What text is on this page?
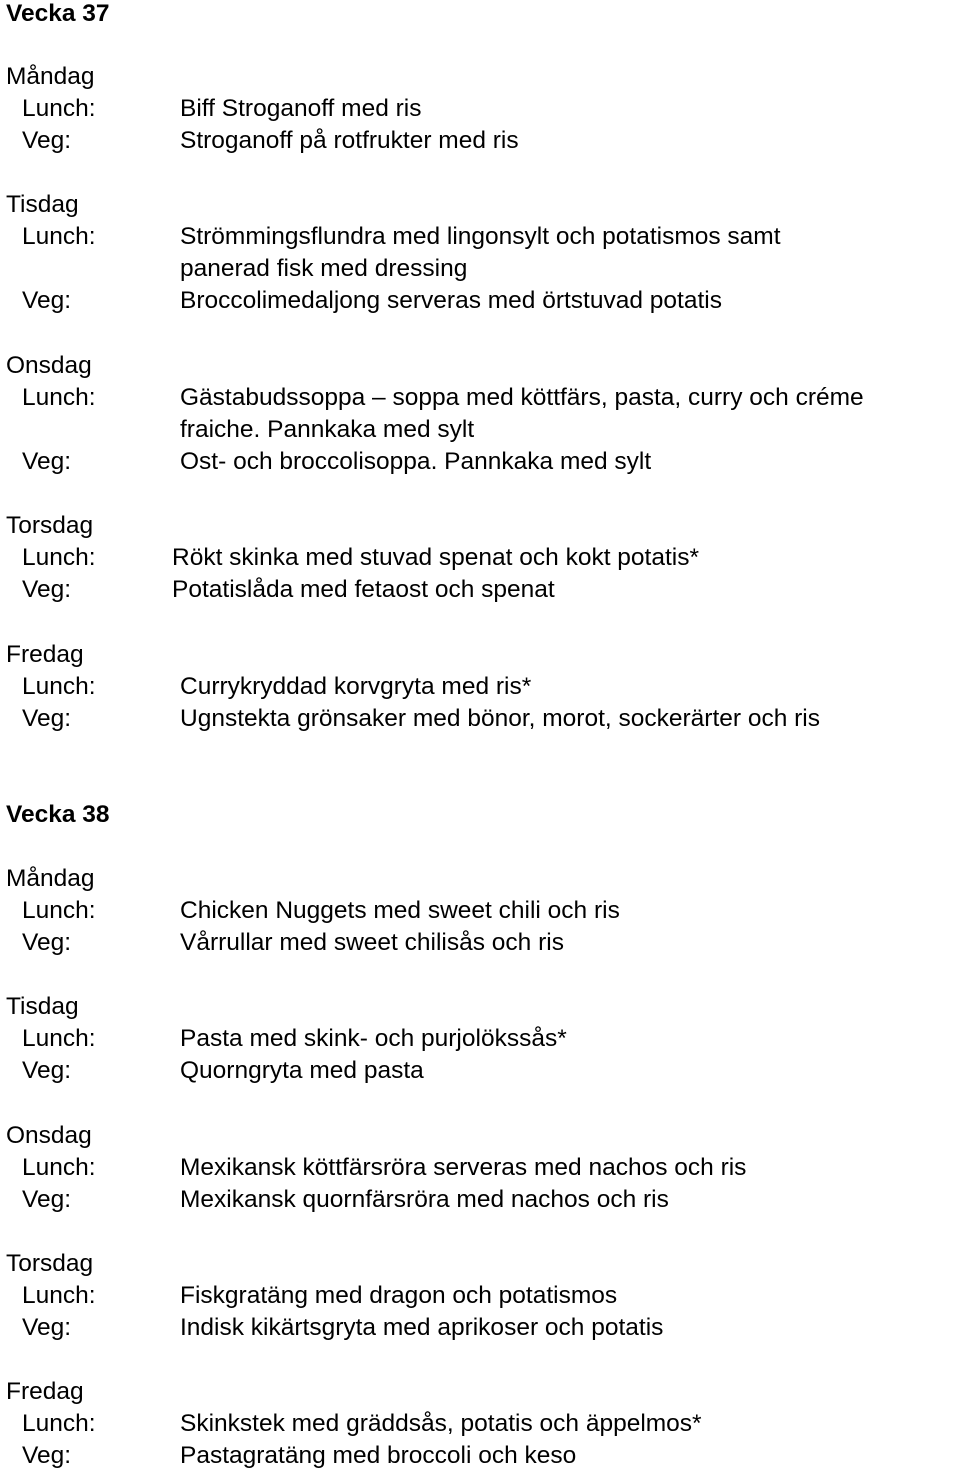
Vecka 37
Måndag
Lunch:	Biff Stroganoff med ris
Veg:	Stroganoff på rotfrukter med ris
Tisdag
Lunch:	Strömmingsflundra med lingonsylt och potatismos samt
panerad fisk med dressing
Veg:	Broccolimedaljong serveras med örtstuvad potatis
Onsdag
Lunch:	Gästabudssoppa – soppa med köttfärs, pasta, curry och créme
fraiche. Pannkaka med sylt
Veg:	Ost- och broccolisoppa. Pannkaka med sylt
Torsdag
Lunch:	Rökt skinka med stuvad spenat och kokt potatis*
Veg:	Potatislåda med fetaost och spenat
Fredag
Lunch:	Currykryddad korvgryta med ris*
Veg:	Ugnstekta grönsaker med bönor, morot, sockerärter och ris
Vecka 38
Måndag
Lunch:	Chicken Nuggets med sweet chili och ris
Veg:	Vårrullar med sweet chilisås och ris
Tisdag
Lunch:	Pasta med skink- och purjolökssås*
Veg:	Quorngryta med pasta
Onsdag
Lunch:	Mexikansk köttfärsröra serveras med nachos och ris
Veg:	Mexikansk quornfärsröra med nachos och ris
Torsdag
Lunch:	Fiskgratäng med dragon och potatismos
Veg:	Indisk kikärtsgryta med aprikoser och potatis
Fredag
Lunch:	Skinkstek med gräddsås, potatis och äppelmos*
Veg:	Pastagratäng med broccoli och keso
